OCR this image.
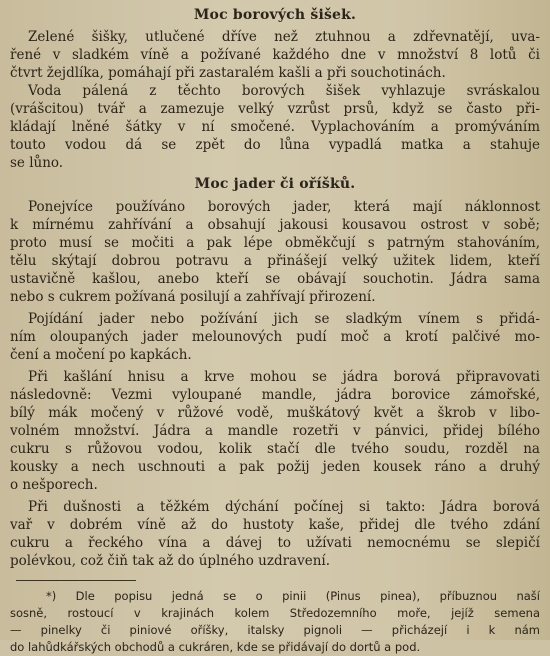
Moc borových šišek.
Zelené šišky, utlučené dříve než ztuhnou a zdřevnatějí, uva-
řené v sladkém víně a požívané každého dne v množství 8 lotů či
čtvrt žejdlíka, pomáhají při zastaralém kašli a při souchotinách.
Voda pálená z těchto borových šišek vyhlazuje svráskalou
(vrášcitou) tvář a zamezuje velký vzrůst prsů, když se často při-
kládají lněné šátky v ní smočené. Vyplachováním a promýváním
touto vodou dá se zpět do lůna vypadlá matka a stahuje
se lůno.
Moc jader či oříšků.
Ponejvíce používáno borových jader, která mají náklonnost
k mírnému zahřívání a obsahují jakousi kousavou ostrost v sobě;
proto musí se močiti a pak lépe obměkčují s patrným stahováním,
tělu skýtají dobrou potravu a přinášejí velký užitek lidem, kteří
ustavičně kašlou, anebo kteří se obávají souchotin. Jádra sama
nebo s cukrem požívaná posilují a zahřívají přirození.
Pojídání jader nebo požívání jich se sladkým vínem s přidá-
ním oloupaných jader melounových pudí moč a krotí palčivé mo-
čení a močení po kapkách.
Při kašlání hnisu a krve mohou se jádra borová připravovati
následovně: Vezmi vyloupané mandle, jádra borovice zámořské,
bílý mák močený v růžové vodě, muškátový květ a škrob v libo-
volném množství. Jádra a mandle rozetři v pánvici, přidej bílého
cukru s růžovou vodou, kolik stačí dle tvého soudu, rozděl na
kousky a nech uschnouti a pak požij jeden kousek ráno a druhý
o nešporech.
Při dušnosti a těžkém dýchání počínej si takto: Jádra borová
vař v dobrém víně až do hustoty kaše, přidej dle tvého zdání
cukru a řeckého vína a dávej to užívati nemocnému se slepičí
polévkou, což čiň tak až do úplného uzdravení.
*) Dle popisu jedná se o pinii (Pinus pinea), příbuznou naší
sosně, rostoucí v krajinách kolem Středozemního moře, jejíž semena
— pinelky či piniové oříšky, italsky pignoli — přicházejí i k nám
do lahůdkářských obchodů a cukráren, kde se přidávají do dortů a pod.
